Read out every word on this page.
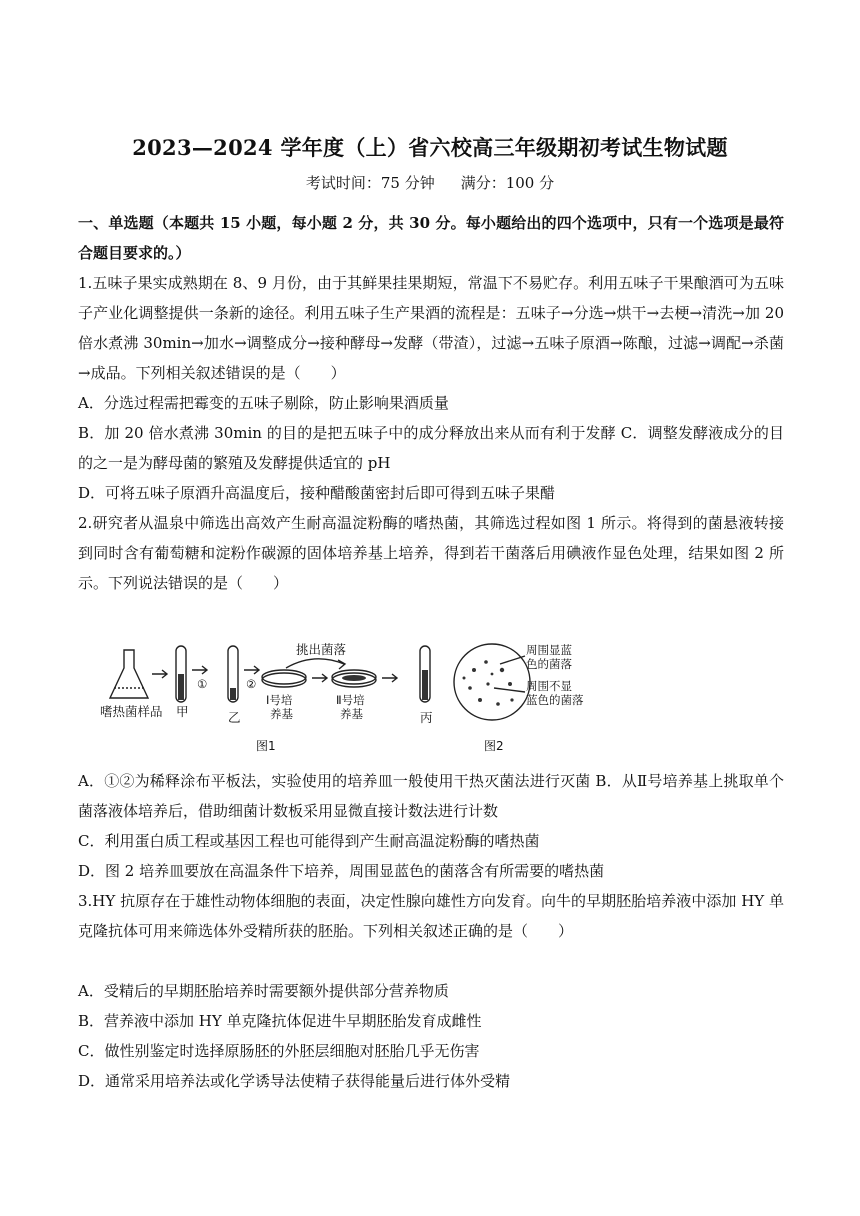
2023—2024 学年度（上）省六校高三年级期初考试生物试题
考试时间：75 分钟 满分：100 分
一、单选题（本题共 15 小题，每小题 2 分，共 30 分。每小题给出的四个选项中，只有一个选项是最符合题目要求的。）
1.五味子果实成熟期在 8、9 月份，由于其鲜果挂果期短，常温下不易贮存。利用五味子干果酿酒可为五味子产业化调整提供一条新的途径。利用五味子生产果酒的流程是：五味子→分选→烘干→去梗→清洗→加 20 倍水煮沸 30min→加水→调整成分→接种酵母→发酵（带渣），过滤→五味子原酒→陈酿，过滤→调配→杀菌→成品。下列相关叙述错误的是（　　）
A．分选过程需把霉变的五味子剔除，防止影响果酒质量
B．加 20 倍水煮沸 30min 的目的是把五味子中的成分释放出来从而有利于发酵 C．调整发酵液成分的目的之一是为酵母菌的繁殖及发酵提供适宜的 pH
D．可将五味子原酒升高温度后，接种醋酸菌密封后即可得到五味子果醋
2.研究者从温泉中筛选出高效产生耐高温淀粉酶的嗜热菌，其筛选过程如图 1 所示。将得到的菌悬液转接到同时含有葡萄糖和淀粉作碳源的固体培养基上培养，得到若干菌落后用碘液作显色处理，结果如图 2 所示。下列说法错误的是（　　）
挑出菌落
嗜热菌样品 甲
①
乙
②
Ⅰ号培
养基
Ⅱ号培
养基	丙
图1	图2
周围显蓝
色的菌落
周围不显
蓝色的菌落
A．①②为稀释涂布平板法，实验使用的培养皿一般使用干热灭菌法进行灭菌 B．从Ⅱ号培养基上挑取单个菌落液体培养后，借助细菌计数板采用显微直接计数法进行计数
C．利用蛋白质工程或基因工程也可能得到产生耐高温淀粉酶的嗜热菌
D．图 2 培养皿要放在高温条件下培养，周围显蓝色的菌落含有所需要的嗜热菌
3.HY 抗原存在于雄性动物体细胞的表面，决定性腺向雄性方向发育。向牛的早期胚胎培养液中添加 HY 单克隆抗体可用来筛选体外受精所获的胚胎。下列相关叙述正确的是（　　）
A．受精后的早期胚胎培养时需要额外提供部分营养物质
B．营养液中添加 HY 单克隆抗体促进牛早期胚胎发育成雌性
C．做性别鉴定时选择原肠胚的外胚层细胞对胚胎几乎无伤害
D．通常采用培养法或化学诱导法使精子获得能量后进行体外受精
